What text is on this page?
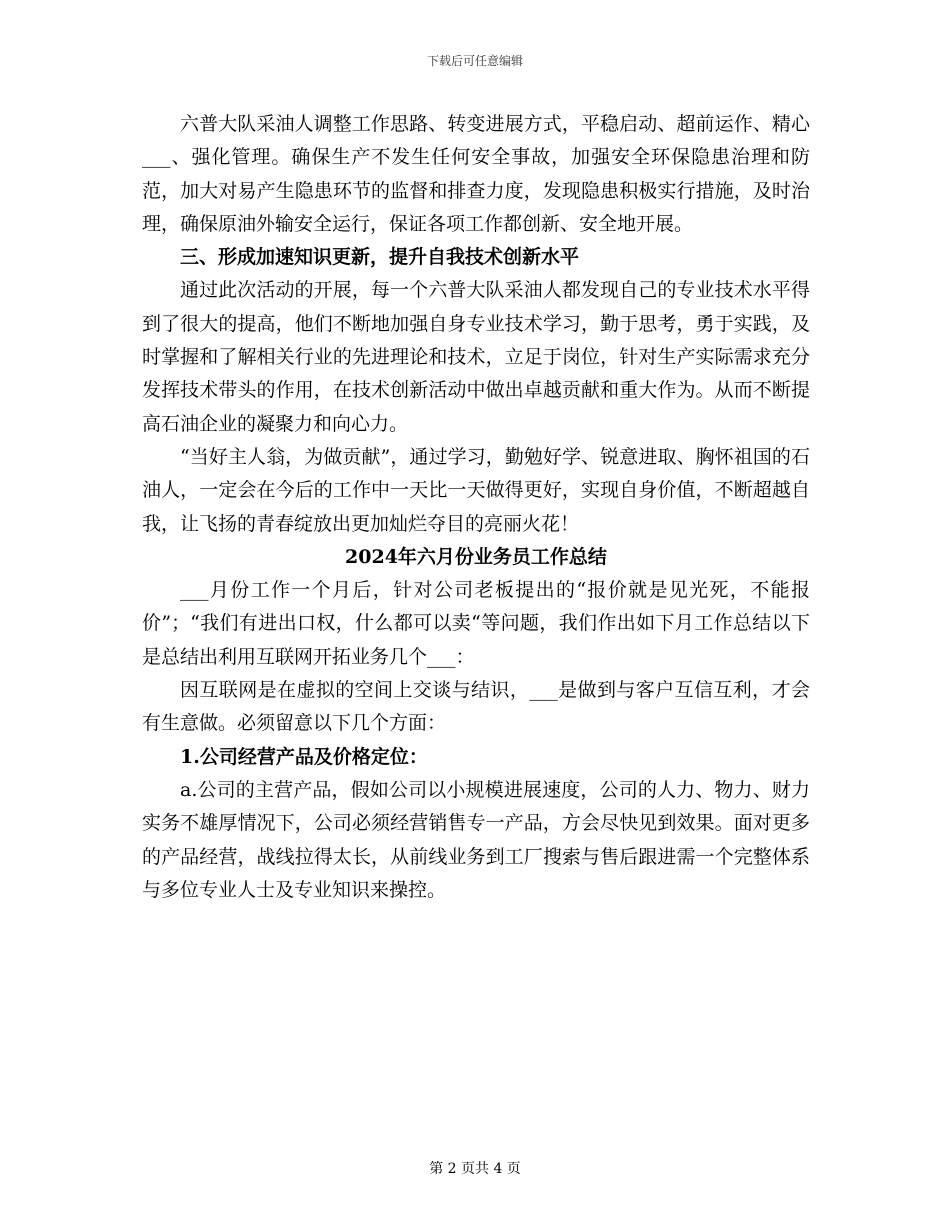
下载后可任意编辑

六普大队采油人调整工作思路、转变进展方式，平稳启动、超前运作、精心___、强化管理。确保生产不发生任何安全事故，加强安全环保隐患治理和防范，加大对易产生隐患环节的监督和排查力度，发现隐患积极实行措施，及时治理，确保原油外输安全运行，保证各项工作都创新、安全地开展。

三、形成加速知识更新，提升自我技术创新水平

通过此次活动的开展，每一个六普大队采油人都发现自己的专业技术水平得到了很大的提高，他们不断地加强自身专业技术学习，勤于思考，勇于实践，及时掌握和了解相关行业的先进理论和技术，立足于岗位，针对生产实际需求充分发挥技术带头的作用，在技术创新活动中做出卓越贡献和重大作为。从而不断提高石油企业的凝聚力和向心力。

“当好主人翁，为做贡献”，通过学习，勤勉好学、锐意进取、胸怀祖国的石油人，一定会在今后的工作中一天比一天做得更好，实现自身价值，不断超越自我，让飞扬的青春绽放出更加灿烂夺目的亮丽火花！

2024年六月份业务员工作总结

___月份工作一个月后，针对公司老板提出的“报价就是见光死，不能报价”；“我们有进出口权，什么都可以卖“等问题，我们作出如下月工作总结以下是总结出利用互联网开拓业务几个___：

因互联网是在虚拟的空间上交谈与结识，___是做到与客户互信互利，才会有生意做。必须留意以下几个方面：

1.公司经营产品及价格定位：

a.公司的主营产品，假如公司以小规模进展速度，公司的人力、物力、财力实务不雄厚情况下，公司必须经营销售专一产品，方会尽快见到效果。面对更多的产品经营，战线拉得太长，从前线业务到工厂搜索与售后跟进需一个完整体系与多位专业人士及专业知识来操控。

第 2 页共 4 页
